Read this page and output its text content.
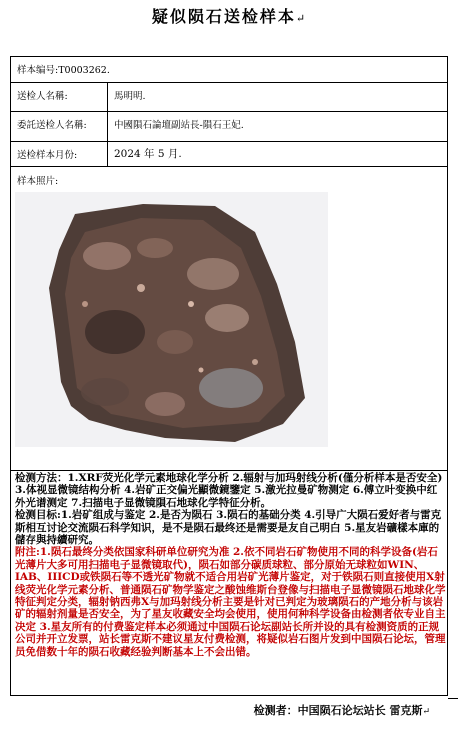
疑似陨石送检样本↵
样本编号:T0003262.
送检人名稱:	馬明明.
委託送检人名稱:	中國隕石論壇副站長-隕石王妃.
送检样本月份:	2024 年 5 月.
样本照片:

检测方法：1.XRF荧光化学元素地球化学分析 2.辐射与加玛射线分析(僅分析样本是否安全) 3.体视显微镜结构分析 4.岩矿正交偏光顯微鏡鑒定 5.激光拉曼矿物测定 6.傅立叶变换中红外光谱测定 7.扫描电子显微镜隕石地球化学特征分析。

检测目标:1.岩矿组成与鉴定 2.是否为陨石 3.陨石的基础分类 4.引导广大陨石爱好者与雷克斯相互讨论交流陨石科学知识，是不是陨石最终还是需要是友自己明白 5.星友岩礦樣本庫的儲存與持續研究。

附注:1.陨石最终分类依国家科研单位研究为准 2.依不同岩石矿物使用不同的科学设备(岩石光薄片大多可用扫描电子显微镜取代)，陨石如部分碳质球粒、部分原始无球粒如WIN、IAB、IIICD或铁陨石等不透光矿物就不适合用岩矿光薄片鉴定，对于铁陨石则直接使用X射线荧光化学元素分析、普通陨石矿物学鉴定之酸蚀维斯台登像与扫描电子显微镜陨石地球化学特征判定分类，辐射钠西弗X与加玛射线分析主要是针对已判定为玻璃陨石的产地分析与该岩矿的辐射剂量是否安全，为了星友收藏安全均会使用，使用何种科学设备由检测者依专业自主决定 3.星友所有的付费鉴定样本必须通过中国陨石论坛副站长所并设的具有检测资质的正规公司并开立发票，站长雷克斯不建议星友付费检测，将疑似岩石图片发到中国陨石论坛，管理员免借数十年的陨石收藏经验判断基本上不会出错。

检测者：中国陨石论坛站长 雷克斯↵
